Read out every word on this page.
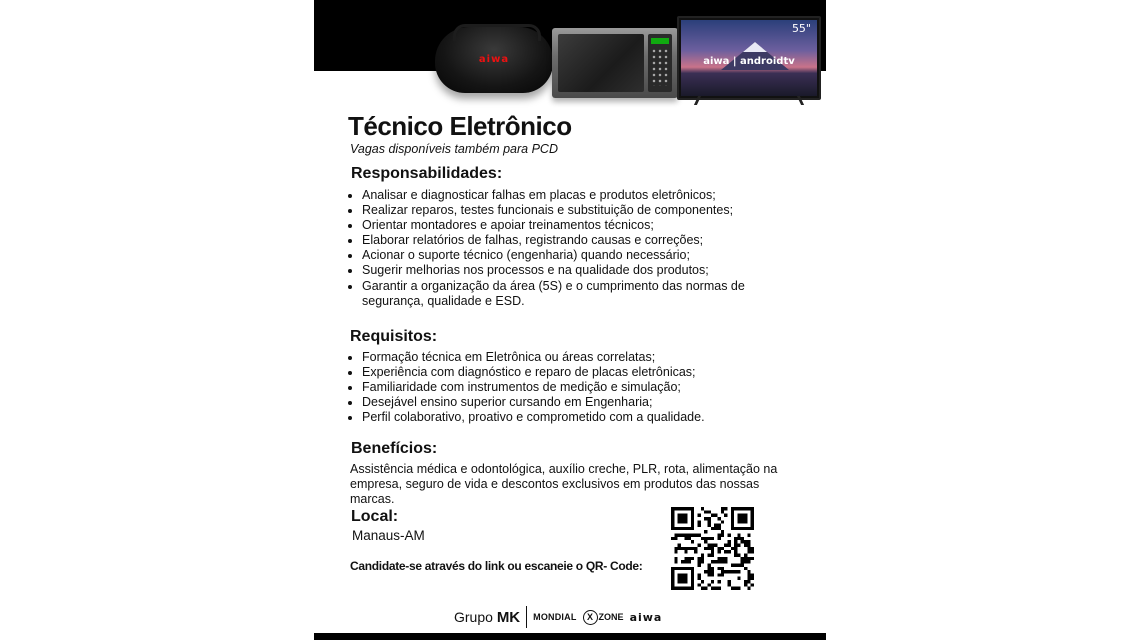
aiwa
55"
aiwa | androidtv
Técnico Eletrônico
Vagas disponíveis também para PCD
Responsabilidades:
• Analisar e diagnosticar falhas em placas e produtos eletrônicos;
• Realizar reparos, testes funcionais e substituição de componentes;
• Orientar montadores e apoiar treinamentos técnicos;
• Elaborar relatórios de falhas, registrando causas e correções;
• Acionar o suporte técnico (engenharia) quando necessário;
• Sugerir melhorias nos processos e na qualidade dos produtos;
• Garantir a organização da área (5S) e o cumprimento das normas de segurança, qualidade e ESD.
Requisitos:
• Formação técnica em Eletrônica ou áreas correlatas;
• Experiência com diagnóstico e reparo de placas eletrônicas;
• Familiaridade com instrumentos de medição e simulação;
• Desejável ensino superior cursando em Engenharia;
• Perfil colaborativo, proativo e comprometido com a qualidade.
Benefícios:
Assistência médica e odontológica, auxílio creche, PLR, rota, alimentação na empresa, seguro de vida e descontos exclusivos em produtos das nossas marcas.
Local:
Manaus-AM
Candidate-se através do link ou escaneie o QR- Code:
Grupo MK MONDIAL	X ZONE aiwa
